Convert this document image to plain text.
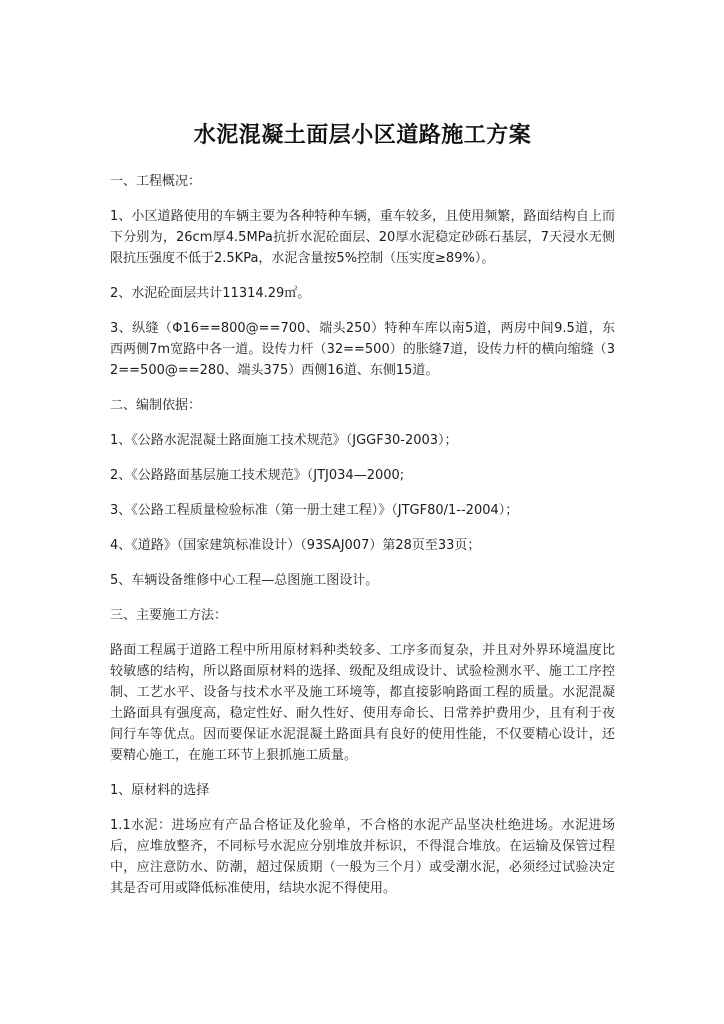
水泥混凝土面层小区道路施工方案

一、工程概况：

1、小区道路使用的车辆主要为各种特种车辆，重车较多，且使用频繁，路面结构自上而下分别为，26cm厚4.5MPa抗折水泥砼面层、20厚水泥稳定砂砾石基层，7天浸水无侧限抗压强度不低于2.5KPa，水泥含量按5%控制（压实度≥89%）。

2、水泥砼面层共计11314.29㎡。

3、纵缝（Φ16==800@==700、端头250）特种车库以南5道，两房中间9.5道，东西两侧7m宽路中各一道。设传力杆（32==500）的胀缝7道，设传力杆的横向缩缝（32==500@==280、端头375）西侧16道、东侧15道。

二、编制依据：

1、《公路水泥混凝土路面施工技术规范》（JGGF30-2003）；

2、《公路路面基层施工技术规范》（JTJ034—2000;

3、《公路工程质量检验标准（第一册土建工程）》（JTGF80/1--2004）；

4、《道路》（国家建筑标准设计）（93SAJ007）第28页至33页；

5、车辆设备维修中心工程—总图施工图设计。

三、主要施工方法：

路面工程属于道路工程中所用原材料种类较多、工序多而复杂，并且对外界环境温度比较敏感的结构，所以路面原材料的选择、级配及组成设计、试验检测水平、施工工序控制、工艺水平、设备与技术水平及施工环境等，都直接影响路面工程的质量。水泥混凝土路面具有强度高，稳定性好、耐久性好、使用寿命长、日常养护费用少，且有利于夜间行车等优点。因而要保证水泥混凝土路面具有良好的使用性能，不仅要精心设计，还要精心施工，在施工环节上狠抓施工质量。

1、原材料的选择

1.1水泥：进场应有产品合格证及化验单，不合格的水泥产品坚决杜绝进场。水泥进场后，应堆放整齐，不同标号水泥应分别堆放并标识，不得混合堆放。在运输及保管过程中，应注意防水、防潮，超过保质期（一般为三个月）或受潮水泥，必须经过试验决定其是否可用或降低标准使用，结块水泥不得使用。
